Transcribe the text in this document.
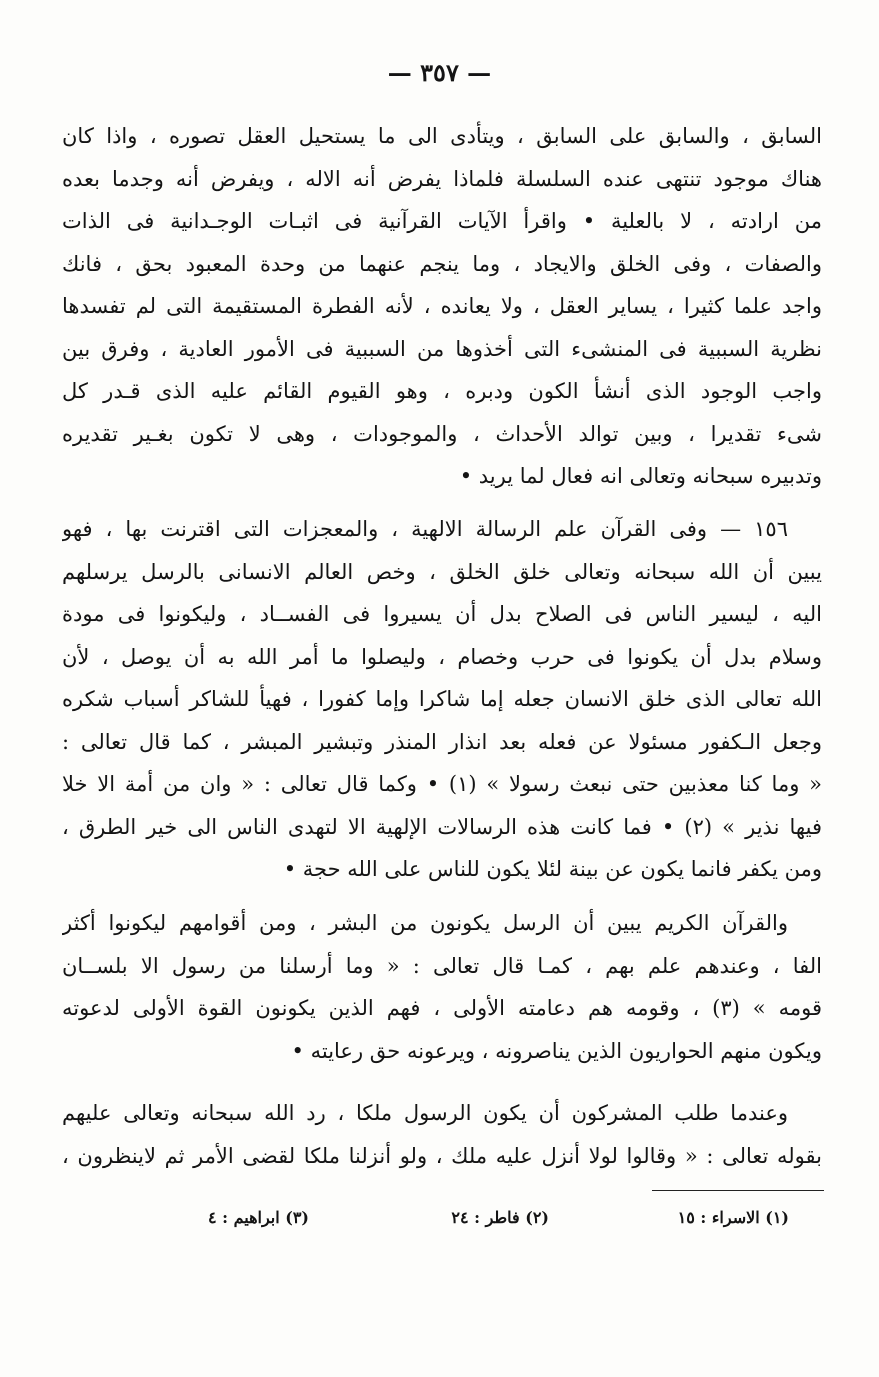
— ٣٥٧ —
السابق ، والسابق على السابق ، ويتأدى الى ما يستحيل العقل تصوره ، واذا كان
هناك موجود تنتهى عنده السلسلة فلماذا يفرض أنه الاله ، ويفرض أنه وجدما بعده
من ارادته ، لا بالعلية • واقرأ الآيات القرآنية فى اثبـات الوجـدانية فى الذات
والصفات ، وفى الخلق والايجاد ، وما ينجم عنهما من وحدة المعبود بحق ، فانك
واجد علما كثيرا ، يساير العقل ، ولا يعانده ، لأنه الفطرة المستقيمة التى لم تفسدها
نظرية السببية فى المنشىء التى أخذوها من السببية فى الأمور العادية ، وفرق بين
واجب الوجود الذى أنشأ الكون ودبره ، وهو القيوم القائم عليه الذى قـدر كل
شىء تقديرا ، وبين توالد الأحداث ، والموجودات ، وهى لا تكون بغـير تقديره
وتدبيره سبحانه وتعالى انه فعال لما يريد •
١٥٦ — وفى القرآن علم الرسالة الالهية ، والمعجزات التى اقترنت بها ، فهو
يبين أن الله سبحانه وتعالى خلق الخلق ، وخص العالم الانسانى بالرسل يرسلهم
اليه ، ليسير الناس فى الصلاح بدل أن يسيروا فى الفســاد ، وليكونوا فى مودة
وسلام بدل أن يكونوا فى حرب وخصام ، وليصلوا ما أمر الله به أن يوصل ، لأن
الله تعالى الذى خلق الانسان جعله إما شاكرا وإما كفورا ، فهيأ للشاكر أسباب شكره
وجعل الـكفور مسئولا عن فعله بعد انذار المنذر وتبشير المبشر ، كما قال تعالى :
« وما كنا معذبين حتى نبعث رسولا » (١) • وكما قال تعالى : « وان من أمة الا خلا
فيها نذير » (٢) • فما كانت هذه الرسالات الإلهية الا لتهدى الناس الى خير الطرق ،
ومن يكفر فانما يكون عن بينة لئلا يكون للناس على الله حجة •
والقرآن الكريم يبين أن الرسل يكونون من البشر ، ومن أقوامهم ليكونوا أكثر
الفا ، وعندهم علم بهم ، كمـا قال تعالى : « وما أرسلنا من رسول الا بلســان
قومه » (٣) ، وقومه هم دعامته الأولى ، فهم الذين يكونون القوة الأولى لدعوته
ويكون منهم الحواريون الذين يناصرونه ، ويرعونه حق رعايته •
وعندما طلب المشركون أن يكون الرسول ملكا ، رد الله سبحانه وتعالى عليهم
بقوله تعالى : « وقالوا لولا أنزل عليه ملك ، ولو أنزلنا ملكا لقضى الأمر ثم لاينظرون ،
(١) الاسراء : ١٥
(٢) فاطر : ٢٤
(٣) ابراهيم : ٤
